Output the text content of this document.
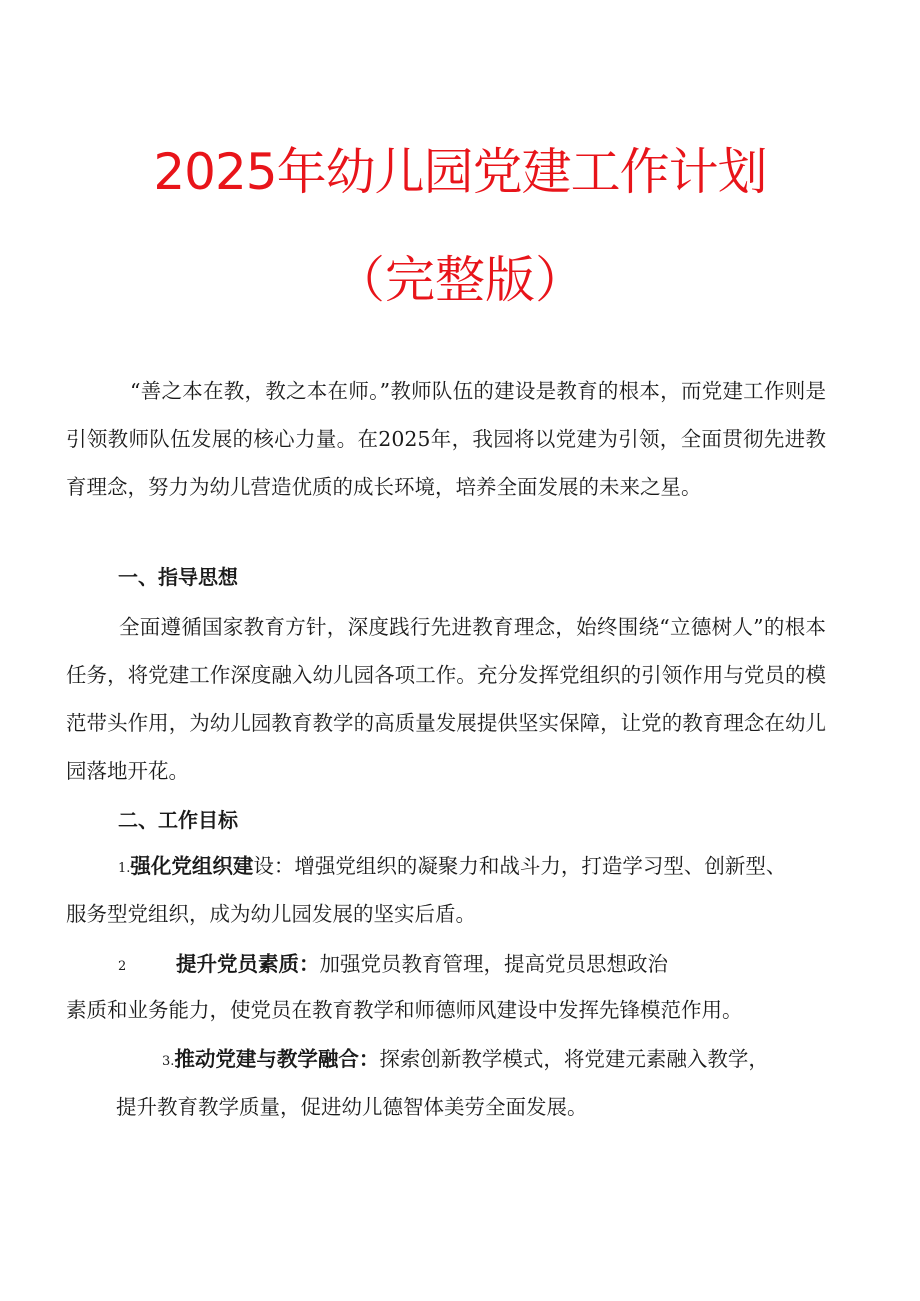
2025年幼儿园党建工作计划
（完整版）

“善之本在教，教之本在师。”教师队伍的建设是教育的根本，而党建工作则是引领教师队伍发展的核心力量。在2025年，我园将以党建为引领，全面贯彻先进教育理念，努力为幼儿营造优质的成长环境，培养全面发展的未来之星。

一、指导思想

全面遵循国家教育方针，深度践行先进教育理念，始终围绕“立德树人”的根本任务，将党建工作深度融入幼儿园各项工作。充分发挥党组织的引领作用与党员的模范带头作用，为幼儿园教育教学的高质量发展提供坚实保障，让党的教育理念在幼儿园落地开花。

二、工作目标

1.强化党组织建设：增强党组织的凝聚力和战斗力，打造学习型、创新型、

服务型党组织，成为幼儿园发展的坚实后盾。

2 提升党员素质：加强党员教育管理，提高党员思想政治

素质和业务能力，使党员在教育教学和师德师风建设中发挥先锋模范作用。

3.推动党建与教学融合：探索创新教学模式，将党建元素融入教学，

提升教育教学质量，促进幼儿德智体美劳全面发展。
